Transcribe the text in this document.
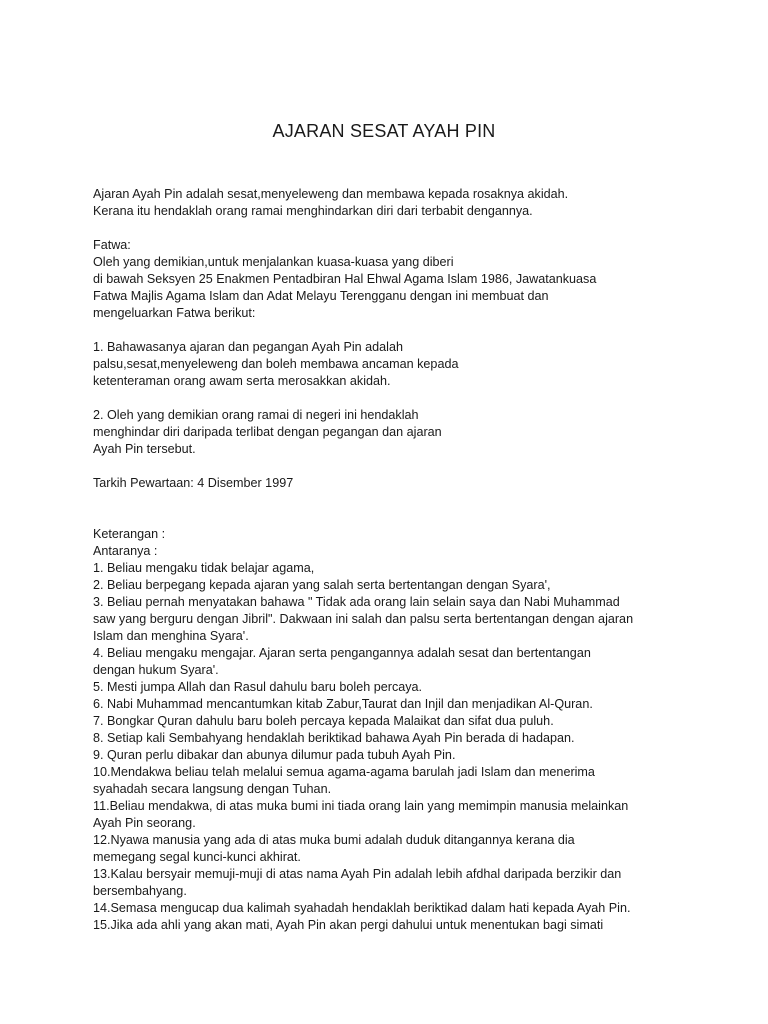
AJARAN SESAT AYAH PIN
Ajaran Ayah Pin adalah sesat,menyeleweng dan membawa kepada rosaknya akidah.
Kerana itu hendaklah orang ramai menghindarkan diri dari terbabit dengannya.
Fatwa:
Oleh yang demikian,untuk menjalankan kuasa-kuasa yang diberi
di bawah Seksyen 25 Enakmen Pentadbiran Hal Ehwal Agama Islam 1986, Jawatankuasa
Fatwa Majlis Agama Islam dan Adat Melayu Terengganu dengan ini membuat dan
mengeluarkan Fatwa berikut:
1. Bahawasanya ajaran dan pegangan Ayah Pin adalah
palsu,sesat,menyeleweng dan boleh membawa ancaman kepada
ketenteraman orang awam serta merosakkan akidah.
2. Oleh yang demikian orang ramai di negeri ini hendaklah
menghindar diri daripada terlibat dengan pegangan dan ajaran
Ayah Pin tersebut.
Tarkih Pewartaan: 4 Disember 1997
Keterangan :
Antaranya :
1. Beliau mengaku tidak belajar agama,
2. Beliau berpegang kepada ajaran yang salah serta bertentangan dengan Syara',
3. Beliau pernah menyatakan bahawa " Tidak ada orang lain selain saya dan Nabi Muhammad
saw yang berguru dengan Jibril". Dakwaan ini salah dan palsu serta bertentangan dengan ajaran
Islam dan menghina Syara'.
4. Beliau mengaku mengajar. Ajaran serta pengangannya adalah sesat dan bertentangan
dengan hukum Syara'.
5. Mesti jumpa Allah dan Rasul dahulu baru boleh percaya.
6. Nabi Muhammad mencantumkan kitab Zabur,Taurat dan Injil dan menjadikan Al-Quran.
7. Bongkar Quran dahulu baru boleh percaya kepada Malaikat dan sifat dua puluh.
8. Setiap kali Sembahyang hendaklah beriktikad bahawa Ayah Pin berada di hadapan.
9. Quran perlu dibakar dan abunya dilumur pada tubuh Ayah Pin.
10.Mendakwa beliau telah melalui semua agama-agama barulah jadi Islam dan menerima
syahadah secara langsung dengan Tuhan.
11.Beliau mendakwa, di atas muka bumi ini tiada orang lain yang memimpin manusia melainkan
Ayah Pin seorang.
12.Nyawa manusia yang ada di atas muka bumi adalah duduk ditangannya kerana dia
memegang segal kunci-kunci akhirat.
13.Kalau bersyair memuji-muji di atas nama Ayah Pin adalah lebih afdhal daripada berzikir dan
bersembahyang.
14.Semasa mengucap dua kalimah syahadah hendaklah beriktikad dalam hati kepada Ayah Pin.
15.Jika ada ahli yang akan mati, Ayah Pin akan pergi dahului untuk menentukan bagi simati
